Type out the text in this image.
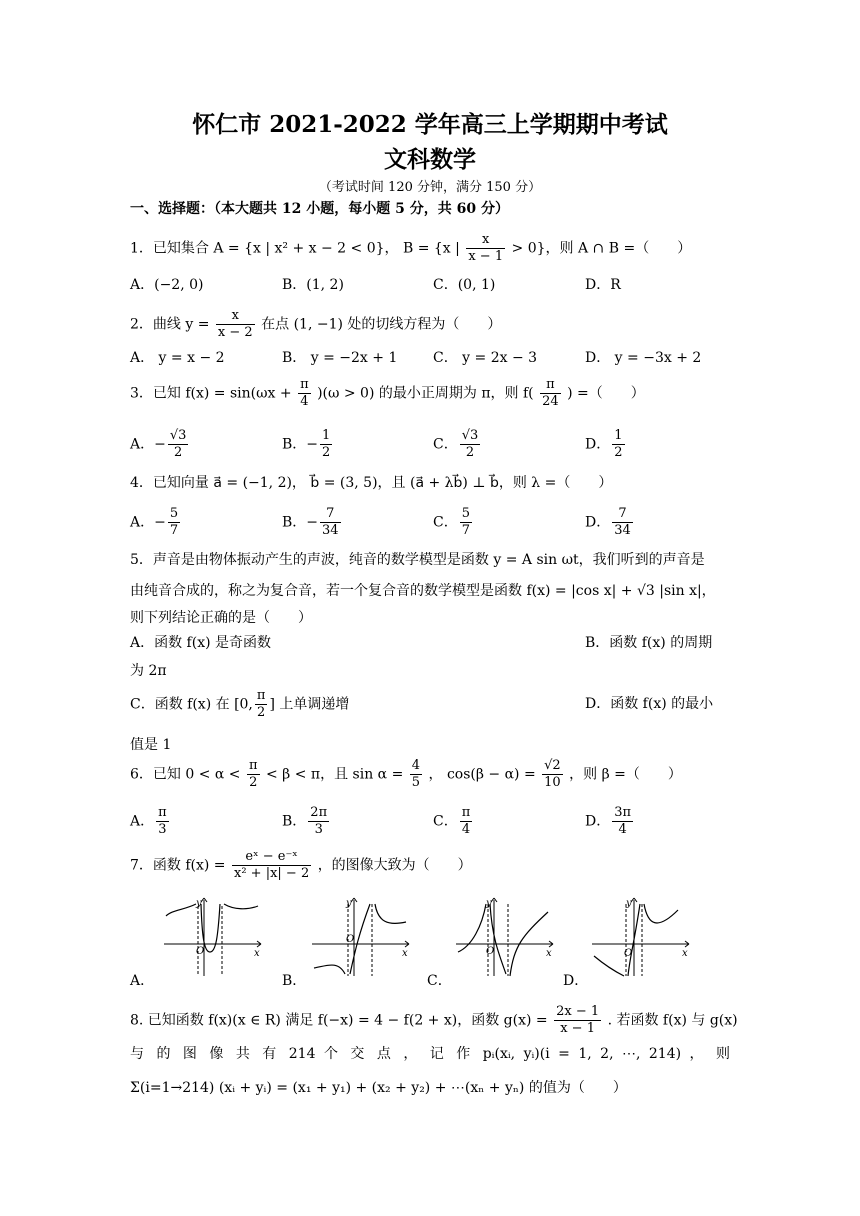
怀仁市 2021-2022 学年高三上学期期中考试
文科数学
（考试时间 120 分钟，满分 150 分）
一、选择题：（本大题共 12 小题，每小题 5 分，共 60 分）
1．已知集合 A = {x | x² + x − 2 < 0}， B = {x | $\frac{x}{x - 1} > 0$}，则 A ∩ B =（　　）
A．(−2, 0)	B．(1, 2)	C．(0, 1)	D．R
2．曲线 $y = \frac{x}{x - 2}$ 在点 (1, −1) 处的切线方程为（　　）
A． y = x − 2	B． y = −2x + 1	C． y = 2x − 3	D． y = −3x + 2
3．已知 $f(x) = \sin(\omega x + \frac{\pi}{4} )(\omega > 0)$ 的最小正周期为 π，则 $f( \frac{\pi}{24}$ ) =（　　）
A．− $\frac{√3}{2}$	B．− $\frac{1}{2}$	C． $\frac{√3}{2}$	D． $\frac{1}{2}$
4．已知向量 a⃗ = (−1, 2)， b⃗ = (3, 5)，且 (a⃗ + λb⃗) ⊥ b⃗，则 λ =（　　）
A．− $\frac{5}{7}$	B．− $\frac{7}{34}$	C． $\frac{5}{7}$	D． $\frac{7}{34}$
5．声音是由物体振动产生的声波，纯音的数学模型是函数 y = A sin ωt，我们听到的声音是
由纯音合成的，称之为复合音，若一个复合音的数学模型是函数 f(x) = |cos x| + √3 |sin x|，
则下列结论正确的是（　　）
A．函数 f(x) 是奇函数	B．函数 f(x) 的周期
为 2π
C．函数 f(x) 在 [0, $\frac{\pi}{2}$ ] 上单调递增	D．函数 f(x) 的最小
值是 1
6．已知 $0 < \alpha < \frac{\pi}{2} < \beta < \pi$，且 $\sin \alpha = \frac{4}{5}$ ， $\cos(\beta - \alpha) = \frac{√2}{10}$ ，则 β =（　　）
A． $\frac{\pi}{3}$	B． $\frac{2\pi}{3}$	C． $\frac{\pi}{4}$	D． $\frac{3\pi}{4}$
7．函数 $f(x) = \frac{\text{eˣ − e⁻ˣ}}{\text{x² + |x| − 2}}$ ，的图像大致为（　　）
y
x
O
A．
y
x
O
B．
y
x
O
C．
y
x
O
D．
8. 已知函数 f(x)(x ∈ R) 满足 f(−x) = 4 − f(2 + x)，函数 $g(x) = \frac{2x - 1}{x - 1}$ . 若函数 f(x) 与 g(x)
与 的 图 像 共 有 214 个 交 点 ， 记 作 pᵢ(xᵢ, yᵢ)(i = 1, 2, ⋯, 214) ， 则
Σ(i=1→214) (xᵢ + yᵢ) = (x₁ + y₁) + (x₂ + y₂) + ⋯(xₙ + yₙ) 的值为（　　）
